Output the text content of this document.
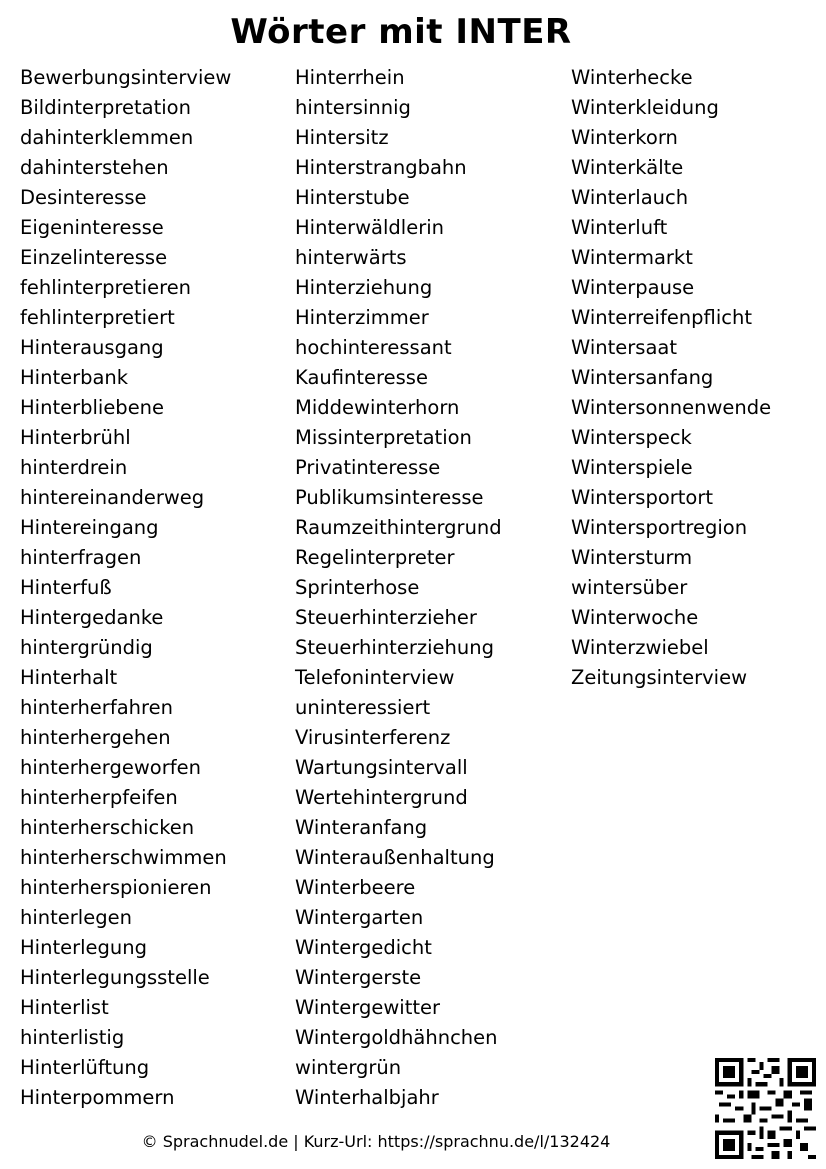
Wörter mit INTER
Bewerbungsinterview
Bildinterpretation
dahinterklemmen
dahinterstehen
Desinteresse
Eigeninteresse
Einzelinteresse
fehlinterpretieren
fehlinterpretiert
Hinterausgang
Hinterbank
Hinterbliebene
Hinterbrühl
hinterdrein
hintereinanderweg
Hintereingang
hinterfragen
Hinterfuß
Hintergedanke
hintergründig
Hinterhalt
hinterherfahren
hinterhergehen
hinterhergeworfen
hinterherpfeifen
hinterherschicken
hinterherschwimmen
hinterherspionieren
hinterlegen
Hinterlegung
Hinterlegungsstelle
Hinterlist
hinterlistig
Hinterlüftung
Hinterpommern
Hinterrhein
hintersinnig
Hintersitz
Hinterstrangbahn
Hinterstube
Hinterwäldlerin
hinterwärts
Hinterziehung
Hinterzimmer
hochinteressant
Kaufinteresse
Middewinterhorn
Missinterpretation
Privatinteresse
Publikumsinteresse
Raumzeithintergrund
Regelinterpreter
Sprinterhose
Steuerhinterzieher
Steuerhinterziehung
Telefoninterview
uninteressiert
Virusinterferenz
Wartungsintervall
Wertehintergrund
Winteranfang
Winteraußenhaltung
Winterbeere
Wintergarten
Wintergedicht
Wintergerste
Wintergewitter
Wintergoldhähnchen
wintergrün
Winterhalbjahr
Winterhecke
Winterkleidung
Winterkorn
Winterkälte
Winterlauch
Winterluft
Wintermarkt
Winterpause
Winterreifenpflicht
Wintersaat
Wintersanfang
Wintersonnenwende
Winterspeck
Winterspiele
Wintersportort
Wintersportregion
Wintersturm
wintersüber
Winterwoche
Winterzwiebel
Zeitungsinterview
© Sprachnudel.de | Kurz-Url: https://sprachnu.de/l/132424
